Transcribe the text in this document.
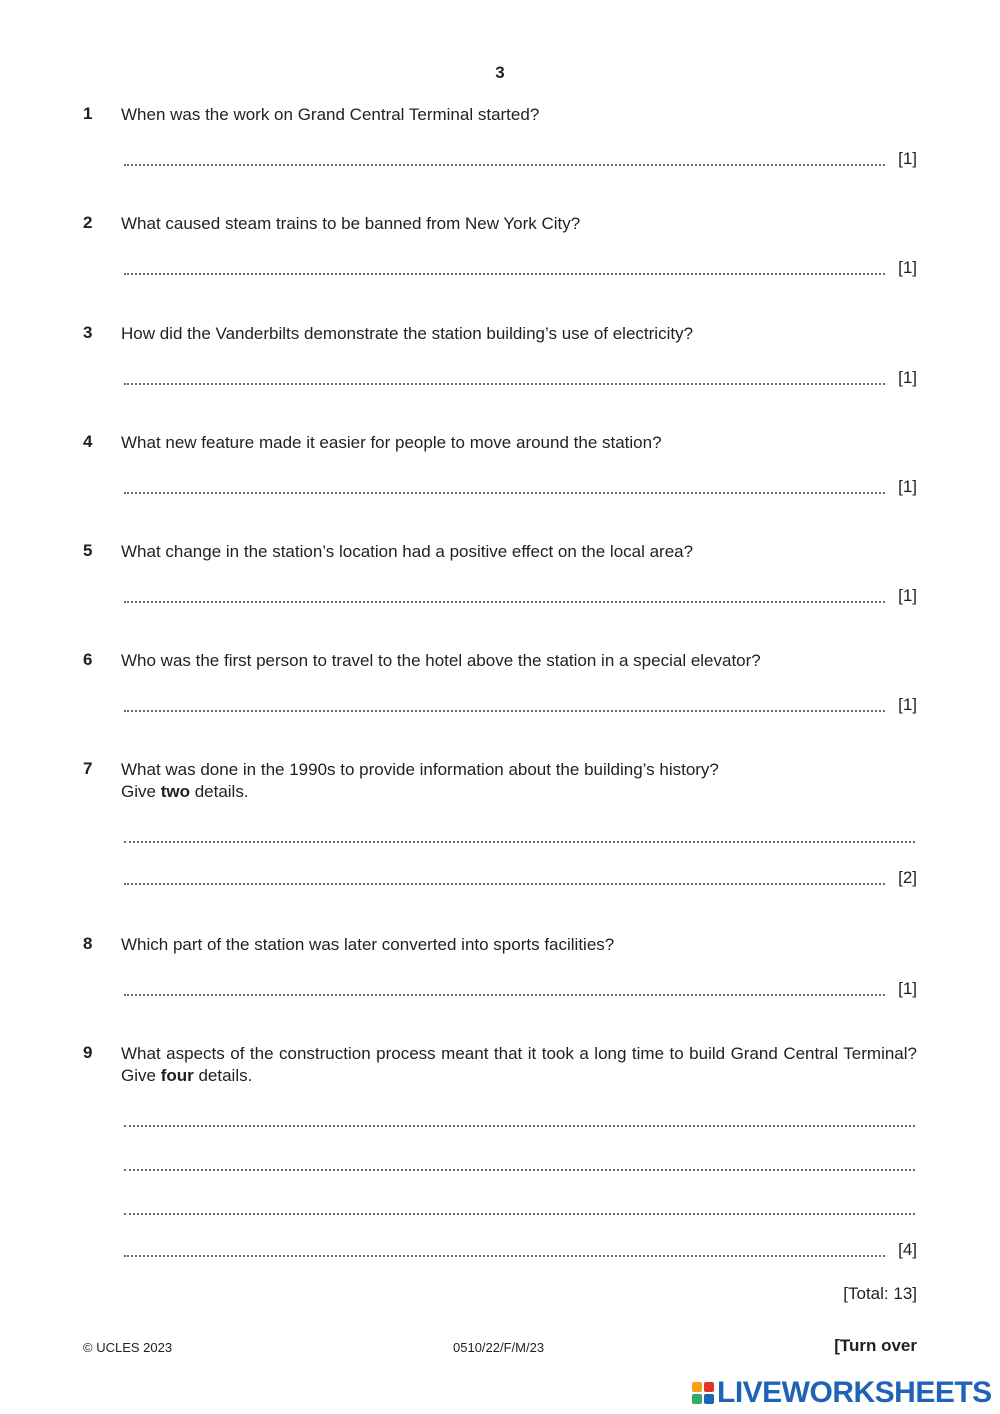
3
1 When was the work on Grand Central Terminal started?
[1]
2 What caused steam trains to be banned from New York City?
[1]
3 How did the Vanderbilts demonstrate the station building’s use of electricity?
[1]
4 What new feature made it easier for people to move around the station?
[1]
5 What change in the station’s location had a positive effect on the local area?
[1]
6 Who was the first person to travel to the hotel above the station in a special elevator?
[1]
7 What was done in the 1990s to provide information about the building’s history?
Give two details.
[2]
8 Which part of the station was later converted into sports facilities?
[1]
9 What aspects of the construction process meant that it took a long time to build Grand Central Terminal? Give four details.
[4]
[Total: 13]
© UCLES 2023	0510/22/F/M/23	[Turn over
LIVEWORKSHEETS
